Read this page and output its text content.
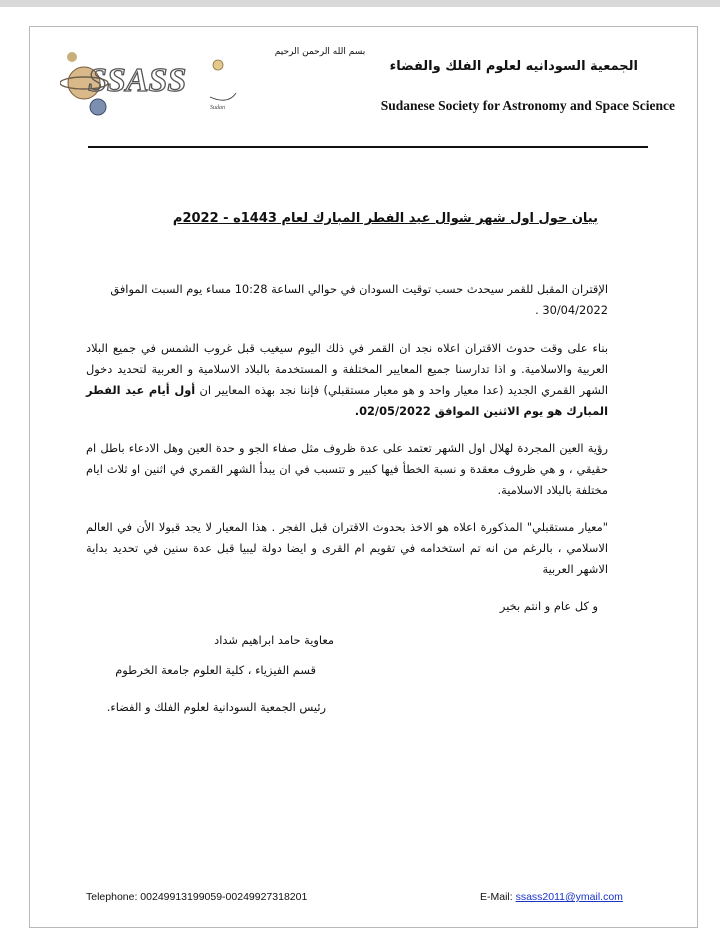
SSASS
Sudan
بسم الله الرحمن الرحيم
الجمعية السودانيه لعلوم الفلك والفضاء
Sudanese Society for Astronomy and Space Science
بيان حول اول شهر شوال عيد الفطر المبارك لعام 1443ه - 2022م
الإقتران المقبل للقمر سيحدث حسب توقيت السودان في حوالي الساعة 10:28 مساء يوم السبت الموافق
30/04/2022 .
بناء على وقت حدوث الاقتران اعلاه نجد ان القمر في ذلك اليوم سيغيب قبل غروب الشمس في جميع البلاد العربية والاسلامية. و اذا تدارسنا جميع المعايير المختلفة و المستخدمة بالبلاد الاسلامية و العربية لتحديد دخول الشهر القمري الجديد (عدا معيار واحد و هو معيار مستقبلي) فإننا نجد بهذه المعايير ان أول أيام عيد الفطر المبارك هو يوم الاثنين الموافق 02/05/2022.
رؤية العين المجردة لهلال اول الشهر تعتمد على عدة ظروف مثل صفاء الجو و حدة العين وهل الادعاء باطل ام حقيقي ، و هي ظروف معقدة و نسبة الخطأ فيها كبير و تتسبب في ان يبدأ الشهر القمري في اثنين او ثلاث ايام مختلفة بالبلاد الاسلامية.
"معيار مستقبلي" المذكورة اعلاه هو الاخذ بحدوث الاقتران قبل الفجر . هذا المعيار لا يجد قبولا الأن في العالم الاسلامي ، بالرغم من انه تم استخدامه في تقويم ام القرى و ايضا دولة ليبيا قبل عدة سنين في تحديد بداية الاشهر العربية
و كل عام و انتم بخير
معاوية حامد ابراهيم شداد
قسم الفيزياء ، كلية العلوم جامعة الخرطوم
رئيس الجمعية السودانية لعلوم الفلك و الفضاء.
Telephone: 00249913199059-00249927318201	E-Mail: ssass2011@ymail.com
